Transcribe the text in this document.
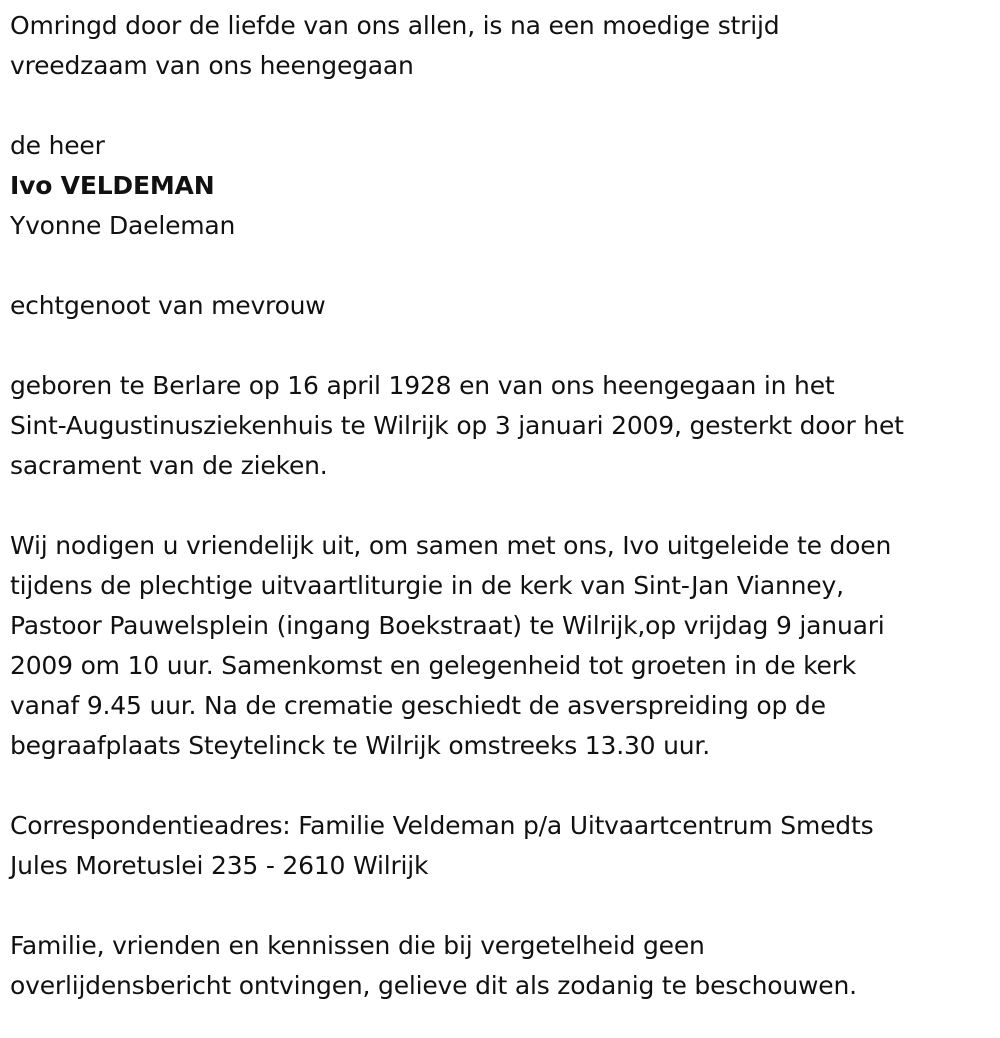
Omringd door de liefde van ons allen, is na een moedige strijd
vreedzaam van ons heengegaan
de heer
Ivo VELDEMAN
Yvonne Daeleman
echtgenoot van mevrouw
geboren te Berlare op 16 april 1928 en van ons heengegaan in het
Sint-Augustinusziekenhuis te Wilrijk op 3 januari 2009, gesterkt door het
sacrament van de zieken.
Wij nodigen u vriendelijk uit, om samen met ons, Ivo uitgeleide te doen
tijdens de plechtige uitvaartliturgie in de kerk van Sint-Jan Vianney,
Pastoor Pauwelsplein (ingang Boekstraat) te Wilrijk,op vrijdag 9 januari
2009 om 10 uur. Samenkomst en gelegenheid tot groeten in de kerk
vanaf 9.45 uur. Na de crematie geschiedt de asverspreiding op de
begraafplaats Steytelinck te Wilrijk omstreeks 13.30 uur.
Correspondentieadres: Familie Veldeman p/a Uitvaartcentrum Smedts
Jules Moretuslei 235 - 2610 Wilrijk
Familie, vrienden en kennissen die bij vergetelheid geen
overlijdensbericht ontvingen, gelieve dit als zodanig te beschouwen.
